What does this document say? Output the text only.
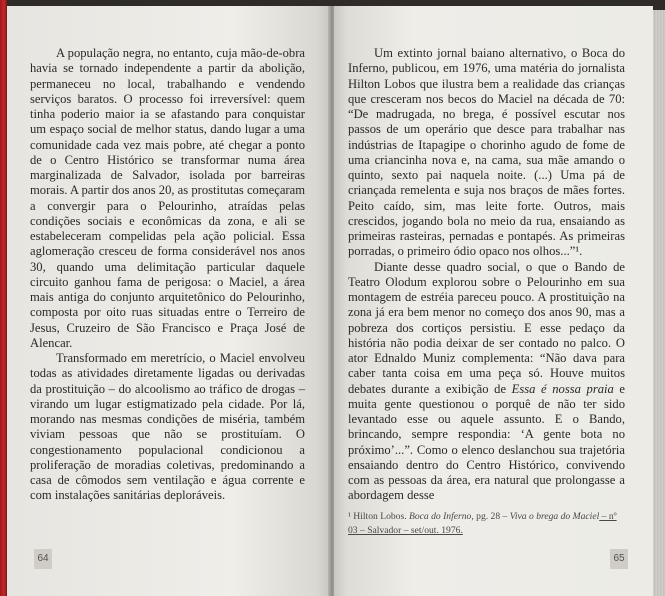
A população negra, no entanto, cuja mão-de-obra havia se tornado independente a partir da abolição, permaneceu no local, trabalhando e vendendo serviços baratos. O processo foi irreversível: quem tinha poderio maior ia se afastando para conquistar um espaço social de melhor status, dando lugar a uma comunidade cada vez mais pobre, até chegar a ponto de o Centro Histórico se transformar numa área marginalizada de Salvador, isolada por barreiras morais. A partir dos anos 20, as prostitutas começaram a convergir para o Pelourinho, atraídas pelas condições sociais e econômicas da zona, e ali se estabeleceram compelidas pela ação policial. Essa aglomeração cresceu de forma considerável nos anos 30, quando uma delimitação particular daquele circuito ganhou fama de perigosa: o Maciel, a área mais antiga do conjunto arquitetônico do Pelourinho, composta por oito ruas situadas entre o Terreiro de Jesus, Cruzeiro de São Francisco e Praça José de Alencar.

Transformado em meretrício, o Maciel envolveu todas as atividades diretamente ligadas ou derivadas da prostituição – do alcoolismo ao tráfico de drogas – virando um lugar estigmatizado pela cidade. Por lá, morando nas mesmas condições de miséria, também viviam pessoas que não se prostituíam. O congestionamento populacional condicionou a proliferação de moradias coletivas, predominando a casa de cômodos sem ventilação e água corrente e com instalações sanitárias deploráveis.

64

Um extinto jornal baiano alternativo, o Boca do Inferno, publicou, em 1976, uma matéria do jornalista Hilton Lobos que ilustra bem a realidade das crianças que cresceram nos becos do Maciel na década de 70: “De madrugada, no brega, é possível escutar nos passos de um operário que desce para trabalhar nas indústrias de Itapagipe o chorinho agudo de fome de uma criancinha nova e, na cama, sua mãe amando o quinto, sexto pai naquela noite. (...) Uma pá de criançada remelenta e suja nos braços de mães fortes. Peito caído, sim, mas leite forte. Outros, mais crescidos, jogando bola no meio da rua, ensaiando as primeiras rasteiras, pernadas e pontapés. As primeiras porradas, o primeiro ódio opaco nos olhos...”¹.

Diante desse quadro social, o que o Bando de Teatro Olodum explorou sobre o Pelourinho em sua montagem de estréia pareceu pouco. A prostituição na zona já era bem menor no começo dos anos 90, mas a pobreza dos cortiços persistiu. E esse pedaço da história não podia deixar de ser contado no palco. O ator Ednaldo Muniz complementa: “Não dava para caber tanta coisa em uma peça só. Houve muitos debates durante a exibição de Essa é nossa praia e muita gente questionou o porquê de não ter sido levantado esse ou aquele assunto. E o Bando, brincando, sempre respondia: ‘A gente bota no próximo’...”. Como o elenco deslanchou sua trajetória ensaiando dentro do Centro Histórico, convivendo com as pessoas da área, era natural que prolongasse a abordagem desse

¹ Hilton Lobos. Boca do Inferno, pg. 28 – Viva o brega do Maciel – nº 03 – Salvador – set/out. 1976.
65
